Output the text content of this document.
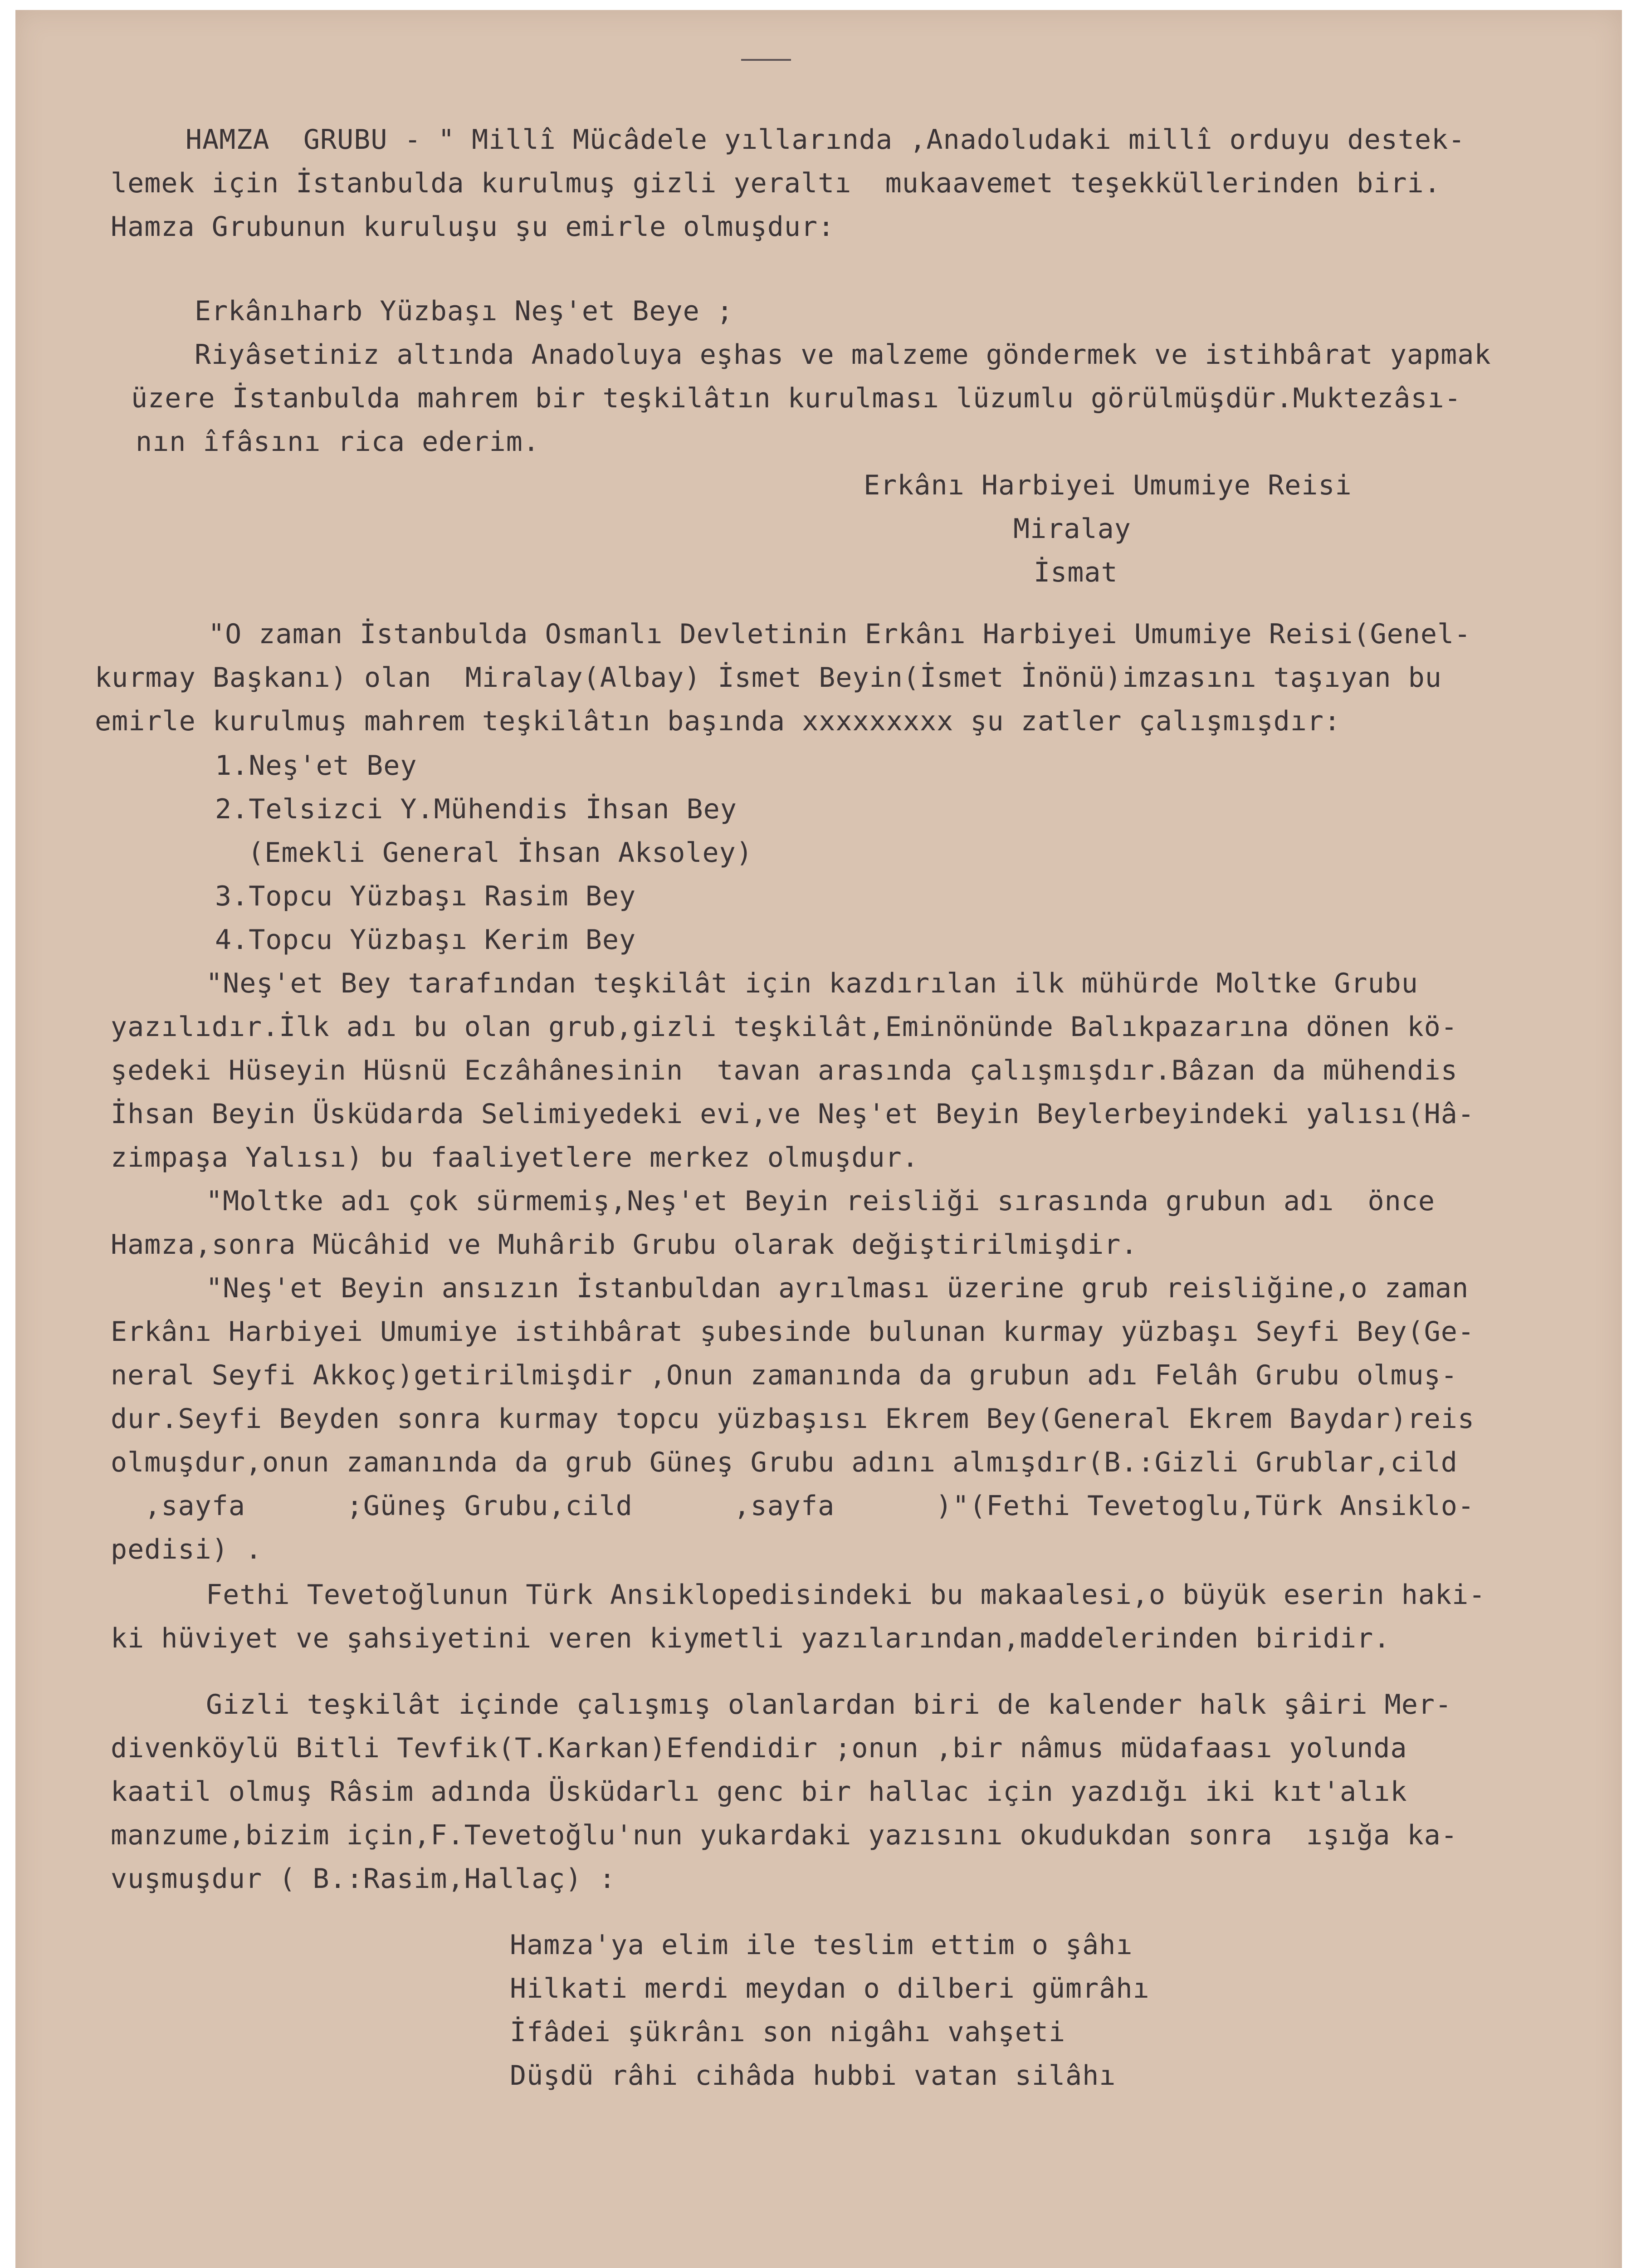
HAMZA  GRUBU - " Millî Mücâdele yıllarında ,Anadoludaki millî orduyu destek-
lemek için İstanbulda kurulmuş gizli yeraltı  mukaavemet teşekküllerinden biri.
Hamza Grubunun kuruluşu şu emirle olmuşdur:
Erkânıharb Yüzbaşı Neş'et Beye ;
Riyâsetiniz altında Anadoluya eşhas ve malzeme göndermek ve istihbârat yapmak
üzere İstanbulda mahrem bir teşkilâtın kurulması lüzumlu görülmüşdür.Muktezâsı-
nın îfâsını rica ederim.
Erkânı Harbiyei Umumiye Reisi
Miralay
İsmat
"O zaman İstanbulda Osmanlı Devletinin Erkânı Harbiyei Umumiye Reisi(Genel-
kurmay Başkanı) olan  Miralay(Albay) İsmet Beyin(İsmet İnönü)imzasını taşıyan bu
emirle kurulmuş mahrem teşkilâtın başında xxxxxxxxx şu zatler çalışmışdır:
1.Neş'et Bey
2.Telsizci Y.Mühendis İhsan Bey
(Emekli General İhsan Aksoley)
3.Topcu Yüzbaşı Rasim Bey
4.Topcu Yüzbaşı Kerim Bey
"Neş'et Bey tarafından teşkilât için kazdırılan ilk mühürde Moltke Grubu
yazılıdır.İlk adı bu olan grub,gizli teşkilât,Eminönünde Balıkpazarına dönen kö-
şedeki Hüseyin Hüsnü Eczâhânesinin  tavan arasında çalışmışdır.Bâzan da mühendis
İhsan Beyin Üsküdarda Selimiyedeki evi,ve Neş'et Beyin Beylerbeyindeki yalısı(Hâ-
zimpaşa Yalısı) bu faaliyetlere merkez olmuşdur.
"Moltke adı çok sürmemiş,Neş'et Beyin reisliği sırasında grubun adı  önce
Hamza,sonra Mücâhid ve Muhârib Grubu olarak değiştirilmişdir.
"Neş'et Beyin ansızın İstanbuldan ayrılması üzerine grub reisliğine,o zaman
Erkânı Harbiyei Umumiye istihbârat şubesinde bulunan kurmay yüzbaşı Seyfi Bey(Ge-
neral Seyfi Akkoç)getirilmişdir ,Onun zamanında da grubun adı Felâh Grubu olmuş-
dur.Seyfi Beyden sonra kurmay topcu yüzbaşısı Ekrem Bey(General Ekrem Baydar)reis
olmuşdur,onun zamanında da grub Güneş Grubu adını almışdır(B.:Gizli Grublar,cild
,sayfa      ;Güneş Grubu,cild      ,sayfa      )"(Fethi Tevetoglu,Türk Ansiklo-
pedisi) .
Fethi Tevetoğlunun Türk Ansiklopedisindeki bu makaalesi,o büyük eserin haki-
ki hüviyet ve şahsiyetini veren kiymetli yazılarından,maddelerinden biridir.
Gizli teşkilât içinde çalışmış olanlardan biri de kalender halk şâiri Mer-
divenköylü Bitli Tevfik(T.Karkan)Efendidir ;onun ,bir nâmus müdafaası yolunda
kaatil olmuş Râsim adında Üsküdarlı genc bir hallac için yazdığı iki kıt'alık
manzume,bizim için,F.Tevetoğlu'nun yukardaki yazısını okudukdan sonra  ışığa ka-
vuşmuşdur ( B.:Rasim,Hallaç) :
Hamza'ya elim ile teslim ettim o şâhı
Hilkati merdi meydan o dilberi gümrâhı
İfâdei şükrânı son nigâhı vahşeti
Düşdü râhi cihâda hubbi vatan silâhı
